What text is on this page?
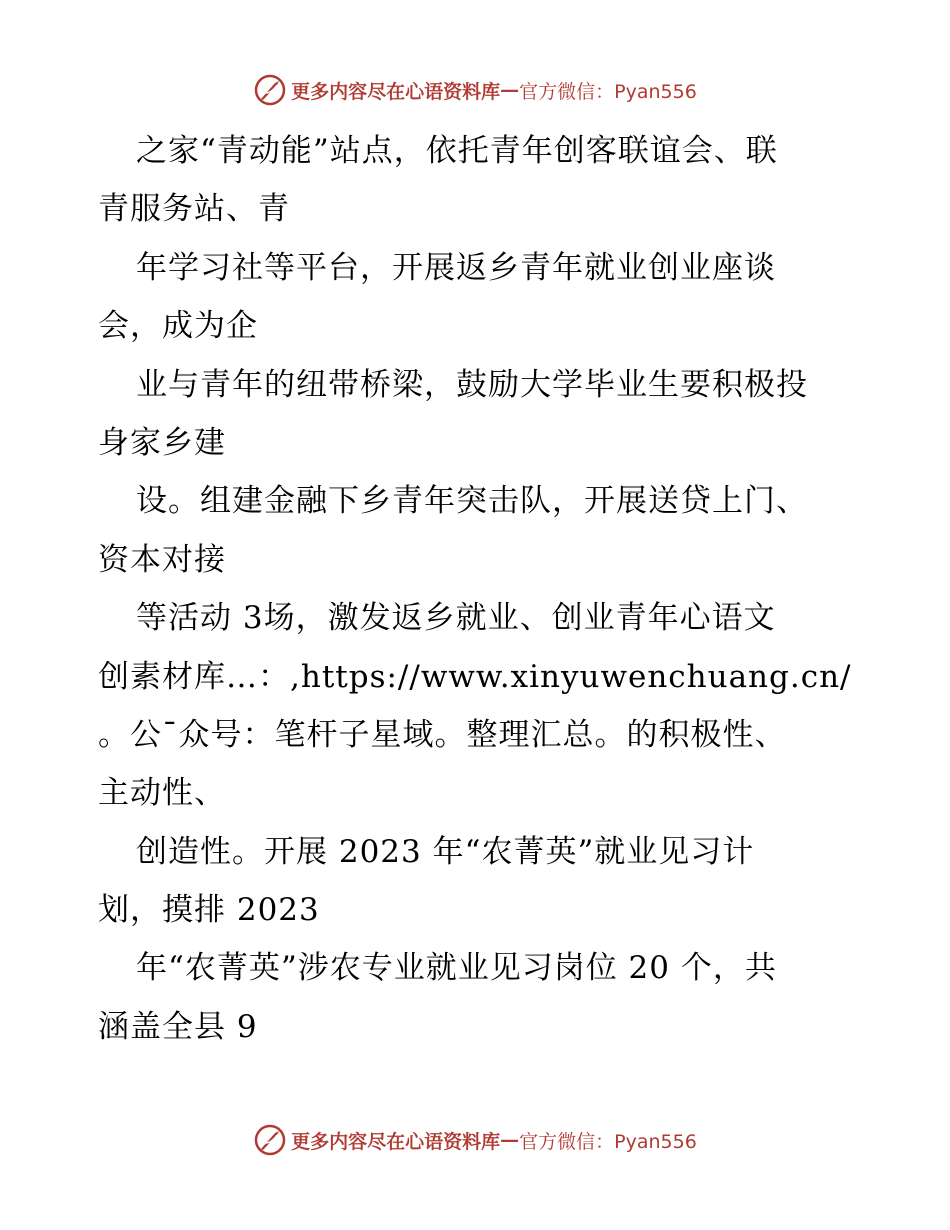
更多内容尽在心语资料库 — 官方微信：Pyan556
之家“青动能”站点，依托青年创客联谊会、联
青服务站、青
年学习社等平台，开展返乡青年就业创业座谈
会，成为企
业与青年的纽带桥梁，鼓励大学毕业生要积极投
身家乡建
设。组建金融下乡青年突击队，开展送贷上门、
资本对接
等活动 3场，激发返乡就业、创业青年心语文
创素材库…：,https://www.xinyuwenchuang.cn/
。公¯众号：笔杆子星域。整理汇总。的积极性、
主动性、
创造性。开展 2023 年“农菁英”就业见习计
划，摸排 2023
年“农菁英”涉农专业就业见习岗位 20 个，共
涵盖全县 9
更多内容尽在心语资料库 — 官方微信：Pyan556
